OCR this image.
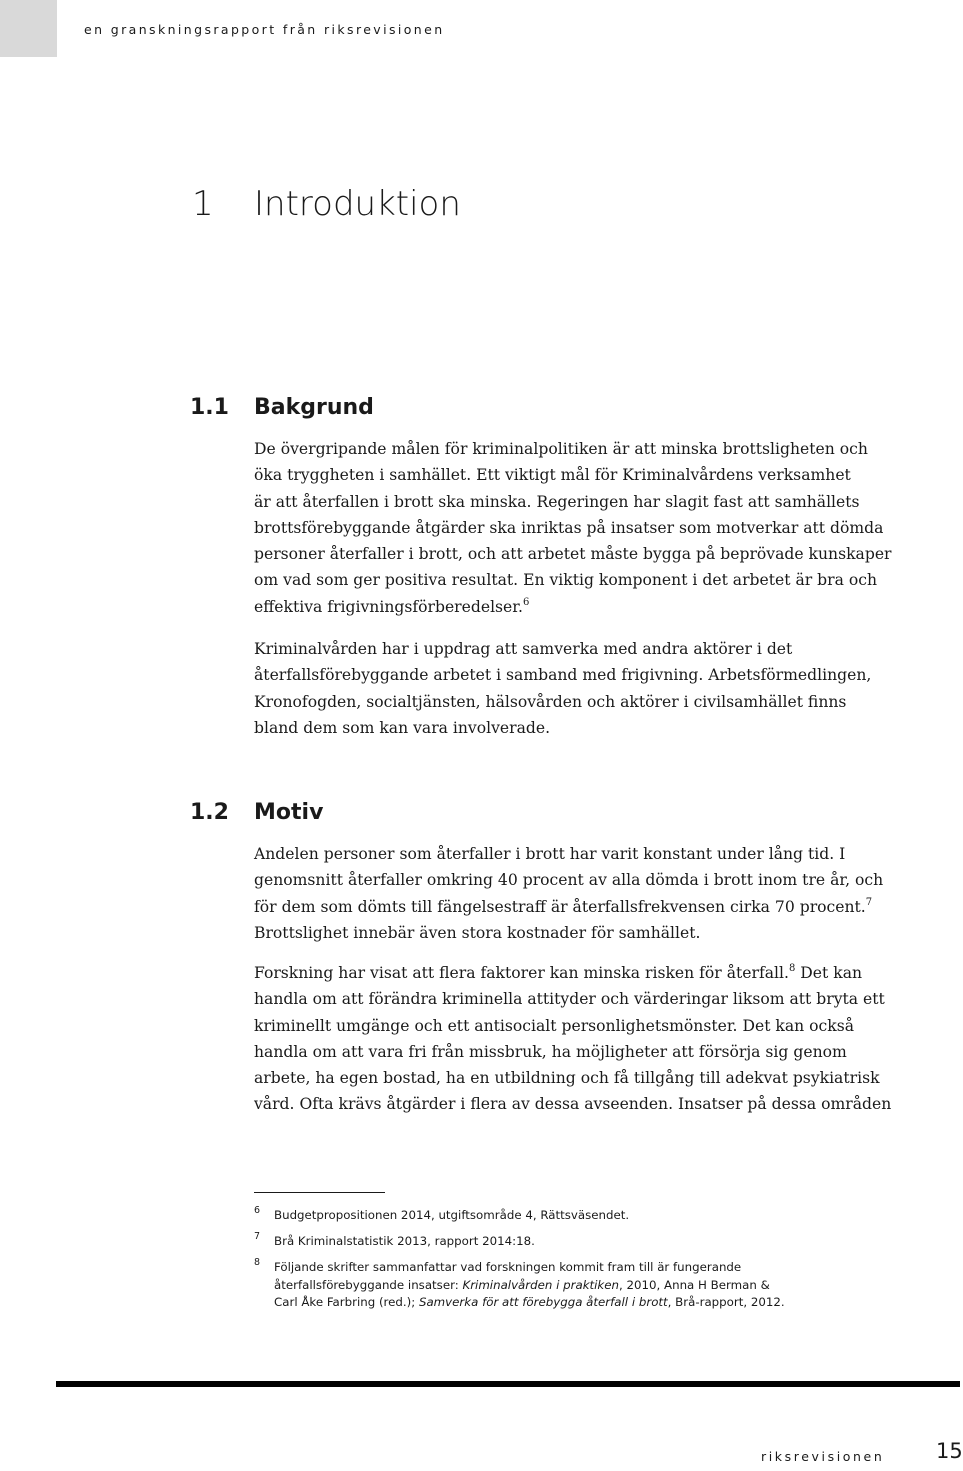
en granskningsrapport från riksrevisionen
1 Introduktion
1.1 Bakgrund

De övergripande målen för kriminalpolitiken är att minska brottsligheten och
öka tryggheten i samhället. Ett viktigt mål för Kriminalvårdens verksamhet
är att återfallen i brott ska minska. Regeringen har slagit fast att samhällets
brottsförebyggande åtgärder ska inriktas på insatser som motverkar att dömda
personer återfaller i brott, och att arbetet måste bygga på beprövade kunskaper
om vad som ger positiva resultat. En viktig komponent i det arbetet är bra och
effektiva frigivningsförberedelser.$^6$

Kriminalvården har i uppdrag att samverka med andra aktörer i det
återfallsförebyggande arbetet i samband med frigivning. Arbetsförmedlingen,
Kronofogden, socialtjänsten, hälsovården och aktörer i civilsamhället finns
bland dem som kan vara involverade.

1.2 Motiv

Andelen personer som återfaller i brott har varit konstant under lång tid. I
genomsnitt återfaller omkring 40 procent av alla dömda i brott inom tre år, och
för dem som dömts till fängelsestraff är återfallsfrekvensen cirka 70 procent.$^7$
Brottslighet innebär även stora kostnader för samhället.

Forskning har visat att flera faktorer kan minska risken för återfall.$^8$ Det kan
handla om att förändra kriminella attityder och värderingar liksom att bryta ett
kriminellt umgänge och ett antisocialt personlighetsmönster. Det kan också
handla om att vara fri från missbruk, ha möjligheter att försörja sig genom
arbete, ha egen bostad, ha en utbildning och få tillgång till adekvat psykiatrisk
vård. Ofta krävs åtgärder i flera av dessa avseenden. Insatser på dessa områden

6 Budgetpropositionen 2014, utgiftsområde 4, Rättsväsendet.
7 Brå Kriminalstatistik 2013, rapport 2014:18.
8 Följande skrifter sammanfattar vad forskningen kommit fram till är fungerande
återfallsförebyggande insatser: Kriminalvården i praktiken, 2010, Anna H Berman &
Carl Åke Farbring (red.); Samverka för att förebygga återfall i brott, Brå-rapport, 2012.
riksrevisionen 15
